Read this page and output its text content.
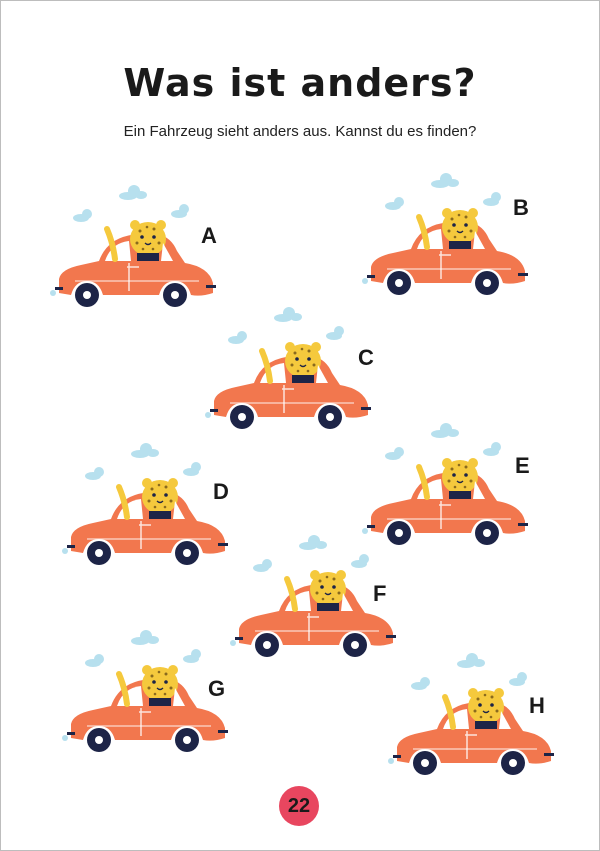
Was ist anders?
Ein Fahrzeug sieht anders aus. Kannst du es finden?
A
B
C
D
E
F
G
H
22
